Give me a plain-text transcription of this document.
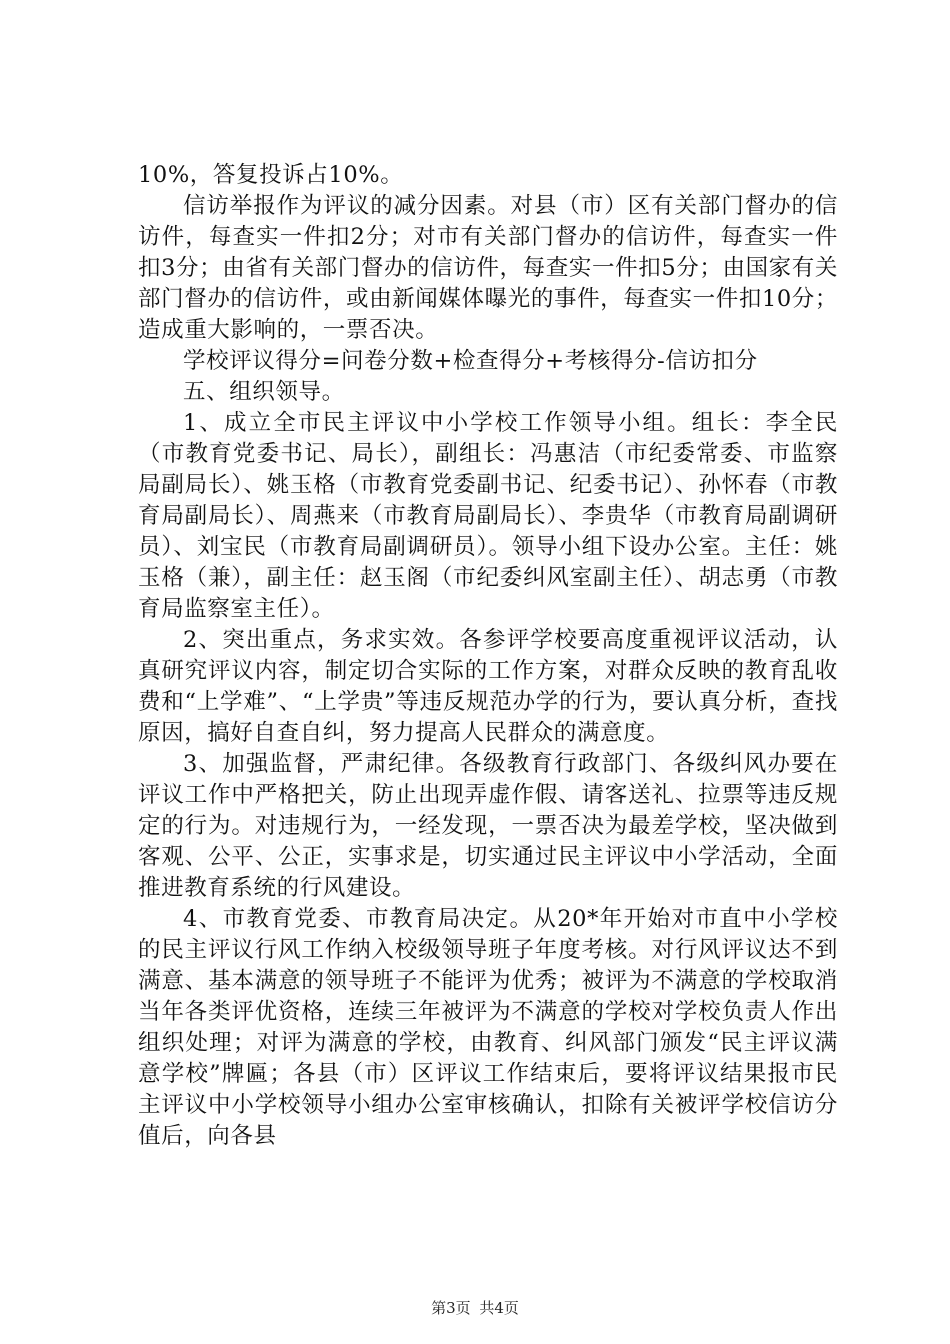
10%，答复投诉占10%。

信访举报作为评议的减分因素。对县（市）区有关部门督办的信访件，每查实一件扣2分；对市有关部门督办的信访件，每查实一件扣3分；由省有关部门督办的信访件，每查实一件扣5分；由国家有关部门督办的信访件，或由新闻媒体曝光的事件，每查实一件扣10分；造成重大影响的，一票否决。

学校评议得分=问卷分数+检查得分+考核得分-信访扣分

五、组织领导。

1、成立全市民主评议中小学校工作领导小组。组长：李全民（市教育党委书记、局长），副组长：冯惠洁（市纪委常委、市监察局副局长）、姚玉格（市教育党委副书记、纪委书记）、孙怀春（市教育局副局长）、周燕来（市教育局副局长）、李贵华（市教育局副调研员）、刘宝民（市教育局副调研员）。领导小组下设办公室。主任：姚玉格（兼），副主任：赵玉阁（市纪委纠风室副主任）、胡志勇（市教育局监察室主任）。

2、突出重点，务求实效。各参评学校要高度重视评议活动，认真研究评议内容，制定切合实际的工作方案，对群众反映的教育乱收费和“上学难”、“上学贵”等违反规范办学的行为，要认真分析，查找原因，搞好自查自纠，努力提高人民群众的满意度。

3、加强监督，严肃纪律。各级教育行政部门、各级纠风办要在评议工作中严格把关，防止出现弄虚作假、请客送礼、拉票等违反规定的行为。对违规行为，一经发现，一票否决为最差学校，坚决做到客观、公平、公正，实事求是，切实通过民主评议中小学活动，全面推进教育系统的行风建设。

4、市教育党委、市教育局决定。从20*年开始对市直中小学校的民主评议行风工作纳入校级领导班子年度考核。对行风评议达不到满意、基本满意的领导班子不能评为优秀；被评为不满意的学校取消当年各类评优资格，连续三年被评为不满意的学校对学校负责人作出组织处理；对评为满意的学校，由教育、纠风部门颁发“民主评议满意学校”牌匾；各县（市）区评议工作结束后，要将评议结果报市民主评议中小学校领导小组办公室审核确认，扣除有关被评学校信访分值后，向各县

第3页 共4页
